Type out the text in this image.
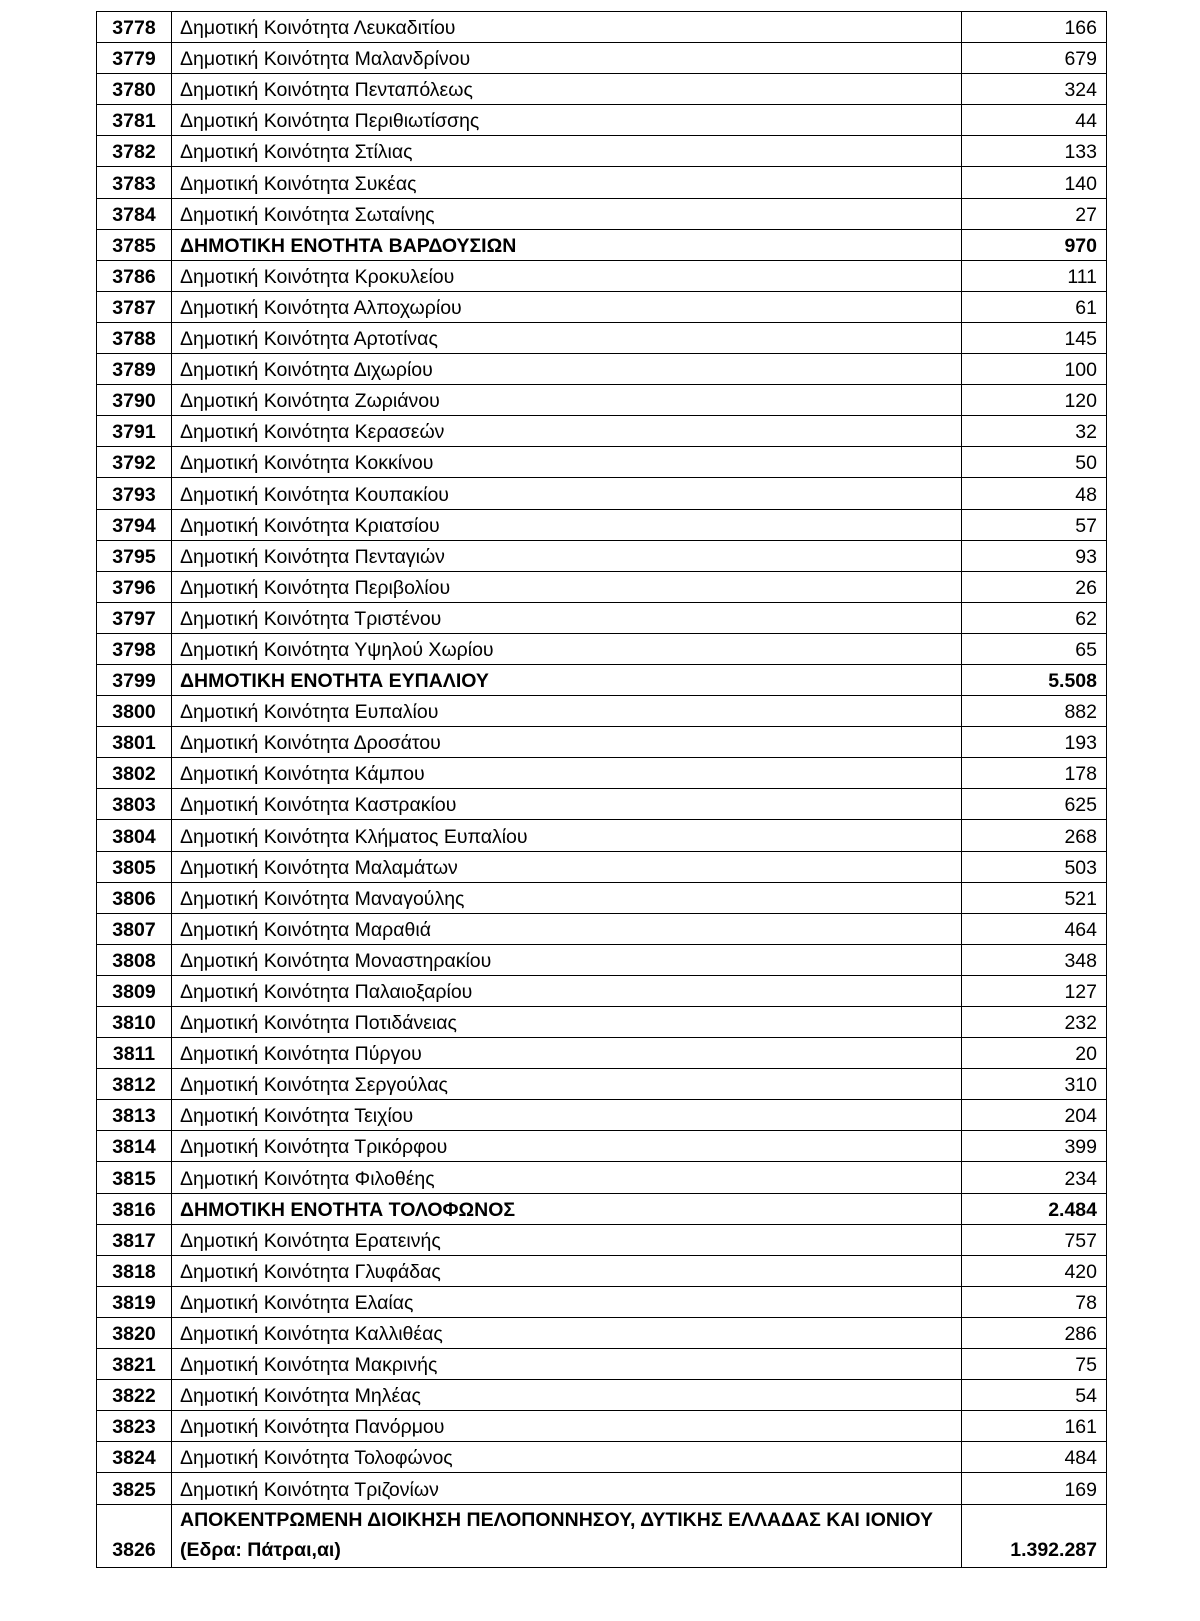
3778	Δημοτική Κοινότητα Λευκαδιτίου	166
3779	Δημοτική Κοινότητα Μαλανδρίνου	679
3780	Δημοτική Κοινότητα Πενταπόλεως	324
3781	Δημοτική Κοινότητα Περιθιωτίσσης	44
3782	Δημοτική Κοινότητα Στίλιας	133
3783	Δημοτική Κοινότητα Συκέας	140
3784	Δημοτική Κοινότητα Σωταίνης	27
3785	ΔΗΜΟΤΙΚΗ ΕΝΟΤΗΤΑ ΒΑΡΔΟΥΣΙΩΝ	970
3786	Δημοτική Κοινότητα Κροκυλείου	111
3787	Δημοτική Κοινότητα Αλποχωρίου	61
3788	Δημοτική Κοινότητα Αρτοτίνας	145
3789	Δημοτική Κοινότητα Διχωρίου	100
3790	Δημοτική Κοινότητα Ζωριάνου	120
3791	Δημοτική Κοινότητα Κερασεών	32
3792	Δημοτική Κοινότητα Κοκκίνου	50
3793	Δημοτική Κοινότητα Κουπακίου	48
3794	Δημοτική Κοινότητα Κριατσίου	57
3795	Δημοτική Κοινότητα Πενταγιών	93
3796	Δημοτική Κοινότητα Περιβολίου	26
3797	Δημοτική Κοινότητα Τριστένου	62
3798	Δημοτική Κοινότητα Υψηλού Χωρίου	65
3799	ΔΗΜΟΤΙΚΗ ΕΝΟΤΗΤΑ ΕΥΠΑΛΙΟΥ	5.508
3800	Δημοτική Κοινότητα Ευπαλίου	882
3801	Δημοτική Κοινότητα Δροσάτου	193
3802	Δημοτική Κοινότητα Κάμπου	178
3803	Δημοτική Κοινότητα Καστρακίου	625
3804	Δημοτική Κοινότητα Κλήματος Ευπαλίου	268
3805	Δημοτική Κοινότητα Μαλαμάτων	503
3806	Δημοτική Κοινότητα Μαναγούλης	521
3807	Δημοτική Κοινότητα Μαραθιά	464
3808	Δημοτική Κοινότητα Μοναστηρακίου	348
3809	Δημοτική Κοινότητα Παλαιοξαρίου	127
3810	Δημοτική Κοινότητα Ποτιδάνειας	232
3811	Δημοτική Κοινότητα Πύργου	20
3812	Δημοτική Κοινότητα Σεργούλας	310
3813	Δημοτική Κοινότητα Τειχίου	204
3814	Δημοτική Κοινότητα Τρικόρφου	399
3815	Δημοτική Κοινότητα Φιλοθέης	234
3816	ΔΗΜΟΤΙΚΗ ΕΝΟΤΗΤΑ ΤΟΛΟΦΩΝΟΣ	2.484
3817	Δημοτική Κοινότητα Ερατεινής	757
3818	Δημοτική Κοινότητα Γλυφάδας	420
3819	Δημοτική Κοινότητα Ελαίας	78
3820	Δημοτική Κοινότητα Καλλιθέας	286
3821	Δημοτική Κοινότητα Μακρινής	75
3822	Δημοτική Κοινότητα Μηλέας	54
3823	Δημοτική Κοινότητα Πανόρμου	161
3824	Δημοτική Κοινότητα Τολοφώνος	484
3825	Δημοτική Κοινότητα Τριζονίων	169
3826	ΑΠΟΚΕΝΤΡΩΜΕΝΗ ΔΙΟΙΚΗΣΗ ΠΕΛΟΠΟΝΝΗΣΟΥ, ΔΥΤΙΚΗΣ ΕΛΛΑΔΑΣ ΚΑΙ ΙΟΝΙΟΥ (Εδρα: Πάτραι,αι)	1.392.287
